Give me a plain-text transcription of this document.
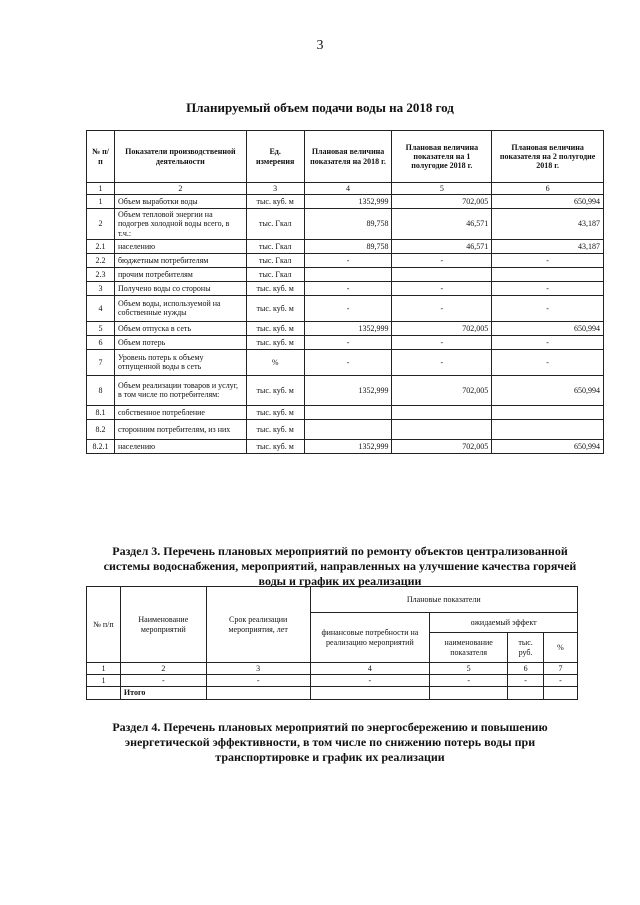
3
Планируемый объем подачи воды на 2018 год
№ п/п	Показатели производственной деятельности	Ед. измерения	Плановая величина показателя на 2018 г.	Плановая величина показателя на 1 полугодие 2018 г.	Плановая величина показателя на 2 полугодие 2018 г.
1	2	3	4	5	6
1	Объем выработки воды	тыс. куб. м	1352,999	702,005	650,994
2	Объем тепловой энергии на подогрев холодной воды всего, в т.ч.:	тыс. Гкал	89,758	46,571	43,187
2.1	населению	тыс. Гкал	89,758	46,571	43,187
2.2	бюджетным потребителям	тыс. Гкал	-	-	-
2.3	прочим потребителям	тыс. Гкал			
3	Получено воды со стороны	тыс. куб. м	-	-	-
4	Объем воды, используемой на собственные нужды	тыс. куб. м	-	-	-
5	Объем отпуска в сеть	тыс. куб. м	1352,999	702,005	650,994
6	Объем потерь	тыс. куб. м	-	-	-
7	Уровень потерь к объему отпущенной воды в сеть	%	-	-	-
8	Объем реализации товаров и услуг, в том числе по потребителям:	тыс. куб. м	1352,999	702,005	650,994
8.1	собственное потребление	тыс. куб. м			
8.2	сторонним потребителям, из них	тыс. куб. м			
8.2.1	населению	тыс. куб. м	1352,999	702,005	650,994
Раздел 3. Перечень плановых мероприятий по ремонту объектов централизованной системы водоснабжения, мероприятий, направленных на улучшение качества горячей воды и график их реализации
№ п/п	Наименование мероприятий	Срок реализации мероприятия, лет	Плановые показатели			
			финансовые потребности на реализацию мероприятий	ожидаемый эффект		
				наименование показателя	тыс. руб.	%
1	2	3	4	5	6	7
1	-	-	-	-	-	-
	Итого					
Раздел 4. Перечень плановых мероприятий по энергосбережению и повышению энергетической эффективности, в том числе по снижению потерь воды при транспортировке и график их реализации
